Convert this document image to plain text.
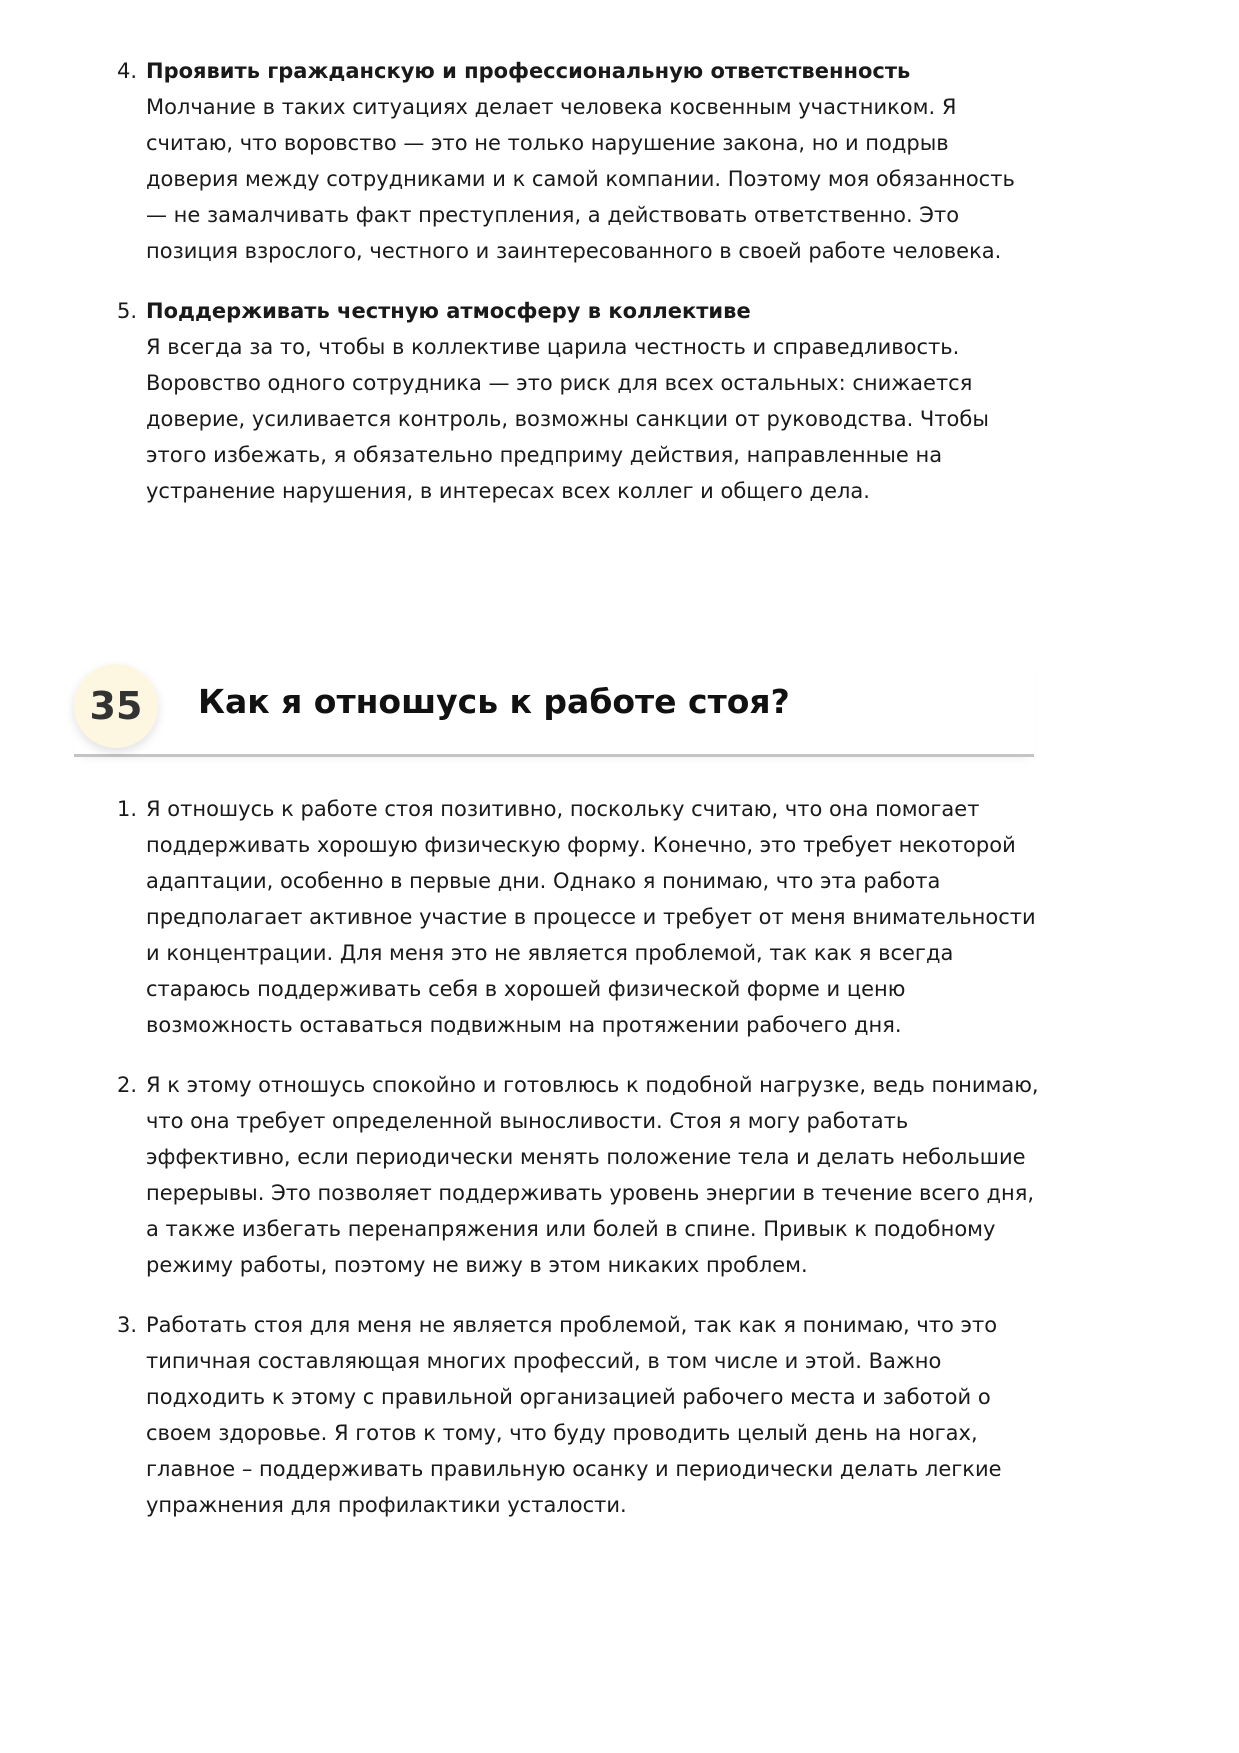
4. Проявить гражданскую и профессиональную ответственность
Молчание в таких ситуациях делает человека косвенным участником. Я считаю, что воровство — это не только нарушение закона, но и подрыв доверия между сотрудниками и к самой компании. Поэтому моя обязанность — не замалчивать факт преступления, а действовать ответственно. Это позиция взрослого, честного и заинтересованного в своей работе человека.
5. Поддерживать честную атмосферу в коллективе
Я всегда за то, чтобы в коллективе царила честность и справедливость. Воровство одного сотрудника — это риск для всех остальных: снижается доверие, усиливается контроль, возможны санкции от руководства. Чтобы этого избежать, я обязательно предприму действия, направленные на устранение нарушения, в интересах всех коллег и общего дела.
35	Как я отношусь к работе стоя?
1. Я отношусь к работе стоя позитивно, поскольку считаю, что она помогает поддерживать хорошую физическую форму. Конечно, это требует некоторой адаптации, особенно в первые дни. Однако я понимаю, что эта работа предполагает активное участие в процессе и требует от меня внимательности и концентрации. Для меня это не является проблемой, так как я всегда стараюсь поддерживать себя в хорошей физической форме и ценю возможность оставаться подвижным на протяжении рабочего дня.
2. Я к этому отношусь спокойно и готовлюсь к подобной нагрузке, ведь понимаю, что она требует определенной выносливости. Стоя я могу работать эффективно, если периодически менять положение тела и делать небольшие перерывы. Это позволяет поддерживать уровень энергии в течение всего дня, а также избегать перенапряжения или болей в спине. Привык к подобному режиму работы, поэтому не вижу в этом никаких проблем.
3. Работать стоя для меня не является проблемой, так как я понимаю, что это типичная составляющая многих профессий, в том числе и этой. Важно подходить к этому с правильной организацией рабочего места и заботой о своем здоровье. Я готов к тому, что буду проводить целый день на ногах, главное – поддерживать правильную осанку и периодически делать легкие упражнения для профилактики усталости.
